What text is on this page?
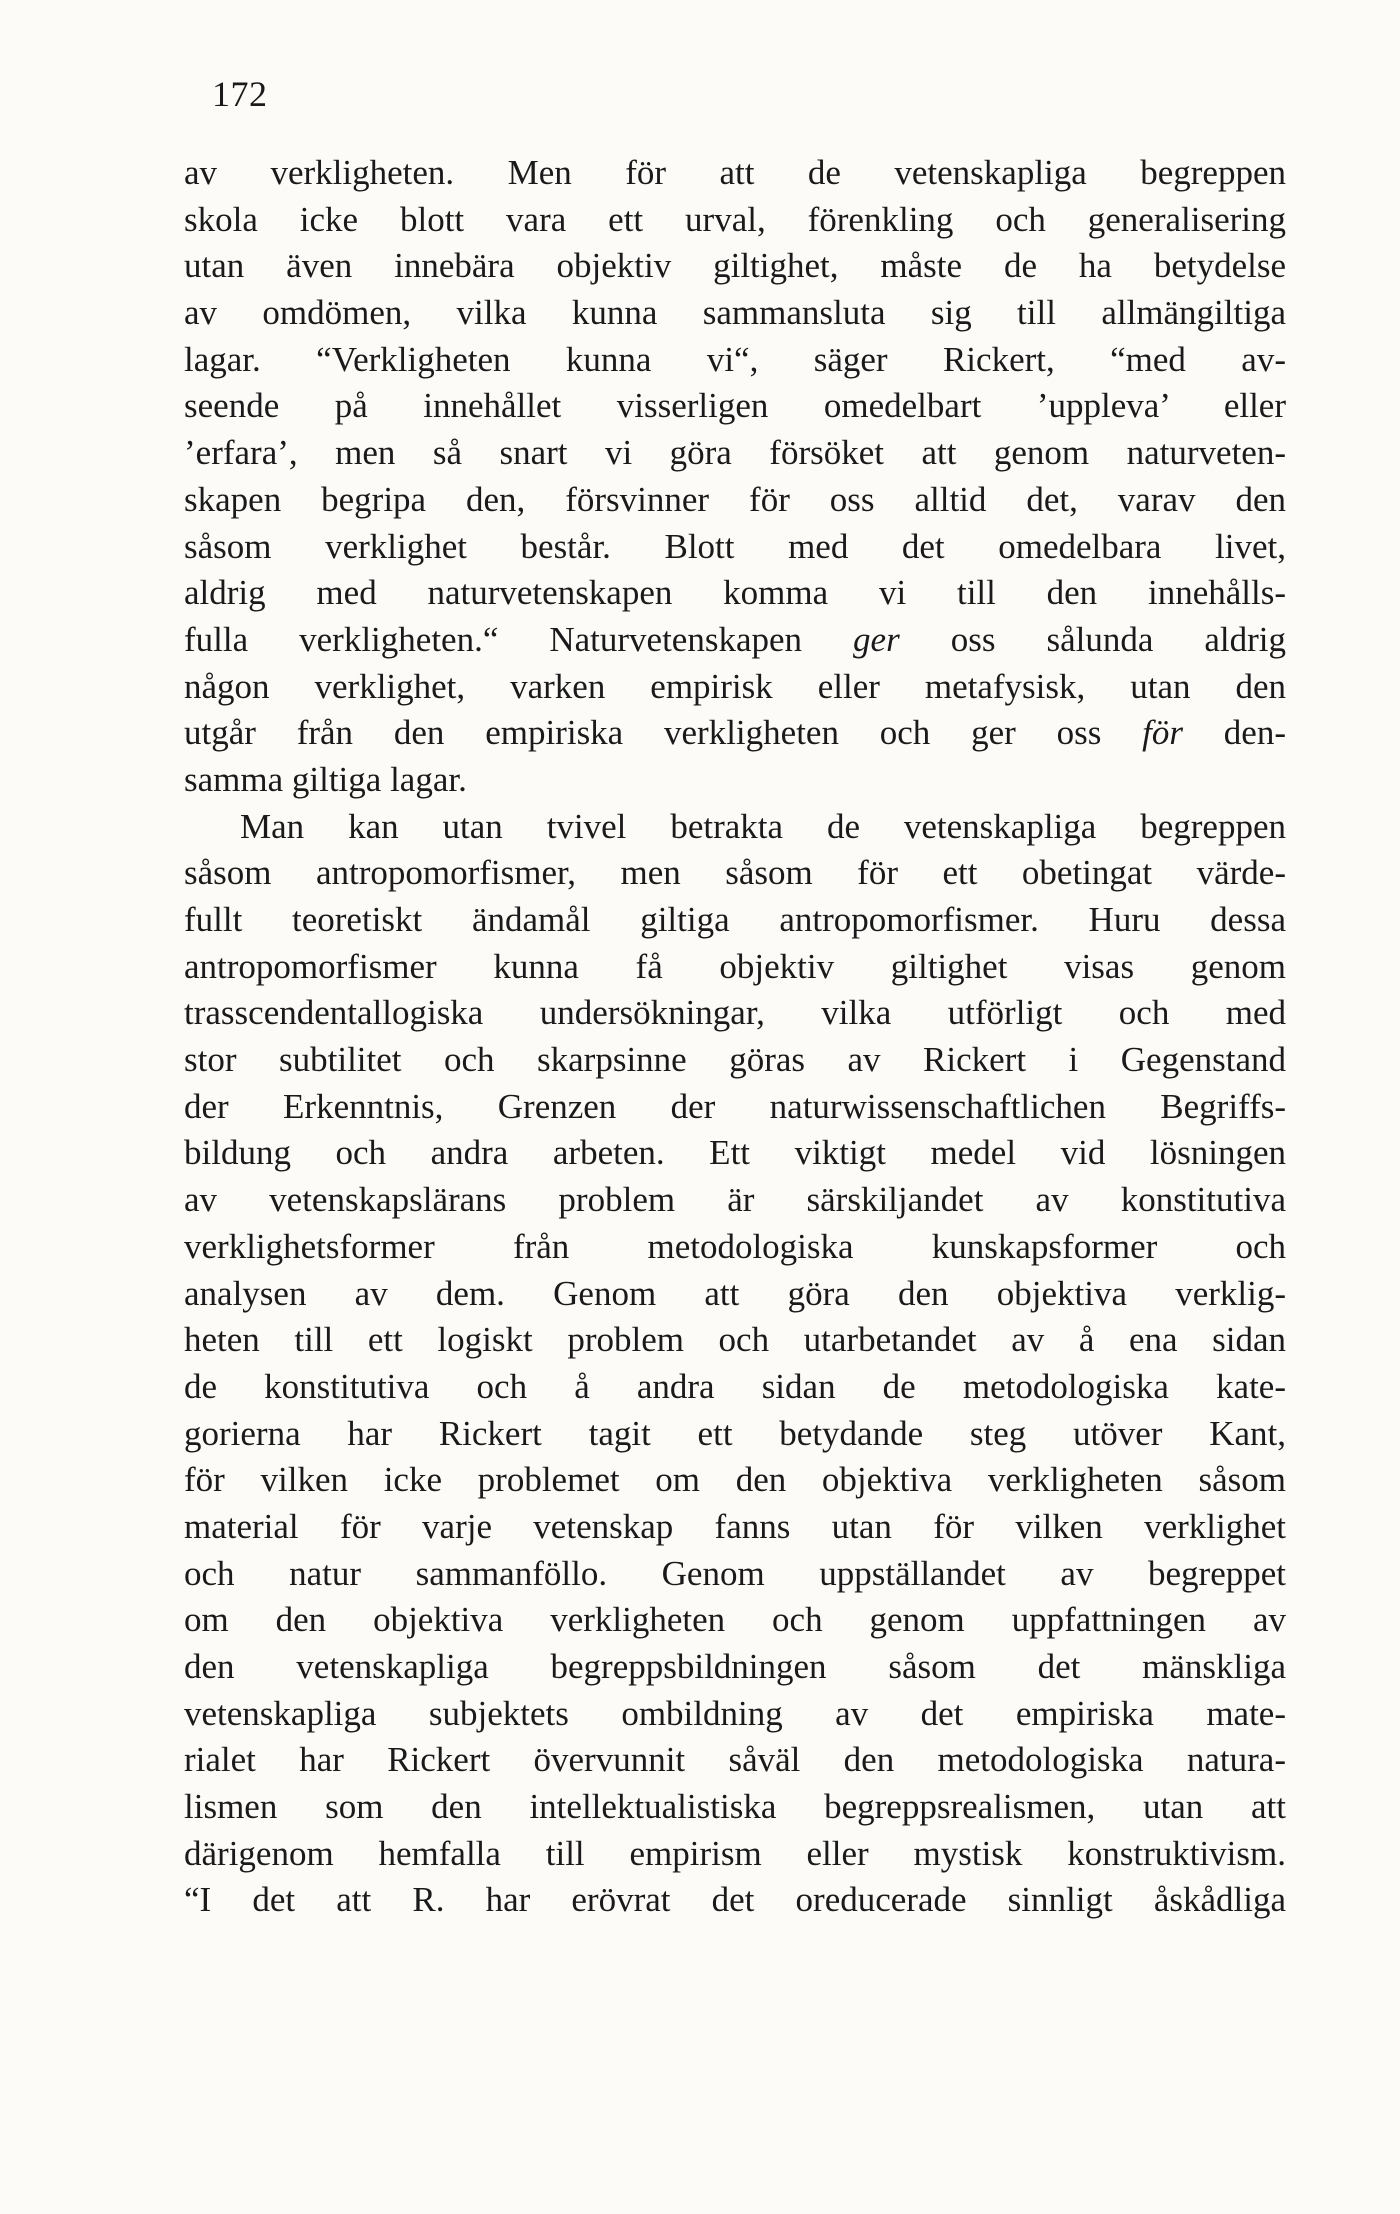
172
av verkligheten. Men för att de vetenskapliga begreppen
skola icke blott vara ett urval, förenkling och generalisering
utan även innebära objektiv giltighet, måste de ha betydelse
av omdömen, vilka kunna sammansluta sig till allmängiltiga
lagar. “Verkligheten kunna vi“, säger Rickert, “med av-
seende på innehållet visserligen omedelbart ’uppleva’ eller
’erfara’, men så snart vi göra försöket att genom naturveten-
skapen begripa den, försvinner för oss alltid det, varav den
såsom verklighet består. Blott med det omedelbara livet,
aldrig med naturvetenskapen komma vi till den innehålls-
fulla verkligheten.“ Naturvetenskapen ger oss sålunda aldrig
någon verklighet, varken empirisk eller metafysisk, utan den
utgår från den empiriska verkligheten och ger oss för den-
samma giltiga lagar.
Man kan utan tvivel betrakta de vetenskapliga begreppen
såsom antropomorfismer, men såsom för ett obetingat värde-
fullt teoretiskt ändamål giltiga antropomorfismer. Huru dessa
antropomorfismer kunna få objektiv giltighet visas genom
trasscendentallogiska undersökningar, vilka utförligt och med
stor subtilitet och skarpsinne göras av Rickert i Gegenstand
der Erkenntnis, Grenzen der naturwissenschaftlichen Begriffs-
bildung och andra arbeten. Ett viktigt medel vid lösningen
av vetenskapslärans problem är särskiljandet av konstitutiva
verklighetsformer från metodologiska kunskapsformer och
analysen av dem. Genom att göra den objektiva verklig-
heten till ett logiskt problem och utarbetandet av å ena sidan
de konstitutiva och å andra sidan de metodologiska kate-
gorierna har Rickert tagit ett betydande steg utöver Kant,
för vilken icke problemet om den objektiva verkligheten såsom
material för varje vetenskap fanns utan för vilken verklighet
och natur sammanföllo. Genom uppställandet av begreppet
om den objektiva verkligheten och genom uppfattningen av
den vetenskapliga begreppsbildningen såsom det mänskliga
vetenskapliga subjektets ombildning av det empiriska mate-
rialet har Rickert övervunnit såväl den metodologiska natura-
lismen som den intellektualistiska begreppsrealismen, utan att
därigenom hemfalla till empirism eller mystisk konstruktivism.
“I det att R. har erövrat det oreducerade sinnligt åskådliga
